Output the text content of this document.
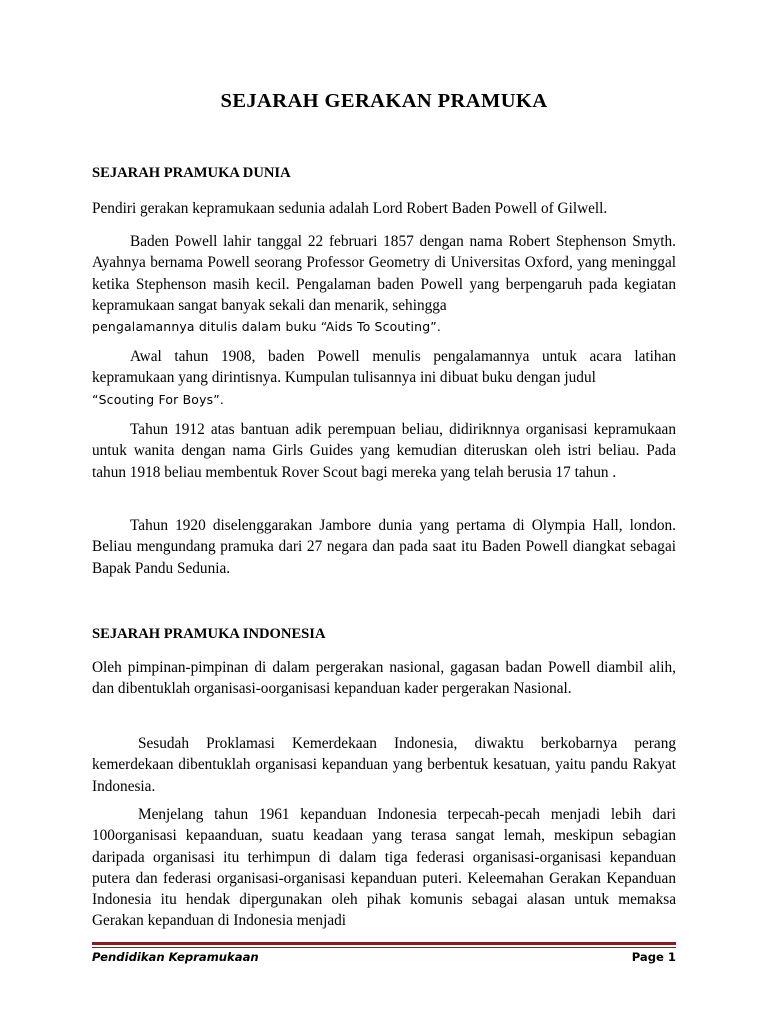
SEJARAH GERAKAN PRAMUKA
SEJARAH PRAMUKA DUNIA

Pendiri gerakan kepramukaan sedunia adalah Lord Robert Baden Powell of Gilwell.

Baden Powell lahir tanggal 22 februari 1857 dengan nama Robert Stephenson Smyth. Ayahnya bernama Powell seorang Professor Geometry di Universitas Oxford, yang meninggal ketika Stephenson masih kecil. Pengalaman baden Powell yang berpengaruh pada kegiatan kepramukaan sangat banyak sekali dan menarik, sehingga
pengalamannya ditulis dalam buku “Aids To Scouting”.

Awal tahun 1908, baden Powell menulis pengalamannya untuk acara latihan kepramukaan yang dirintisnya. Kumpulan tulisannya ini dibuat buku dengan judul
“Scouting For Boys”.

Tahun 1912 atas bantuan adik perempuan beliau, didiriknnya organisasi kepramukaan untuk wanita dengan nama Girls Guides yang kemudian diteruskan oleh istri beliau. Pada tahun 1918 beliau membentuk Rover Scout bagi mereka yang telah berusia 17 tahun .

Tahun 1920 diselenggarakan Jambore dunia yang pertama di Olympia Hall, london. Beliau mengundang pramuka dari 27 negara dan pada saat itu Baden Powell diangkat sebagai Bapak Pandu Sedunia.

SEJARAH PRAMUKA INDONESIA

Oleh pimpinan-pimpinan di dalam pergerakan nasional, gagasan badan Powell diambil alih, dan dibentuklah organisasi-oorganisasi kepanduan kader pergerakan Nasional.

Sesudah Proklamasi Kemerdekaan Indonesia, diwaktu berkobarnya perang kemerdekaan dibentuklah organisasi kepanduan yang berbentuk kesatuan, yaitu pandu Rakyat Indonesia.

Menjelang tahun 1961 kepanduan Indonesia terpecah-pecah menjadi lebih dari 100organisasi kepaanduan, suatu keadaan yang terasa sangat lemah, meskipun sebagian daripada organisasi itu terhimpun di dalam tiga federasi organisasi-organisasi kepanduan putera dan federasi organisasi-organisasi kepanduan puteri. Keleemahan Gerakan Kepanduan Indonesia itu hendak dipergunakan oleh pihak komunis sebagai alasan untuk memaksa Gerakan kepanduan di Indonesia menjadi

Pendidikan Kepramukaan	Page 1
